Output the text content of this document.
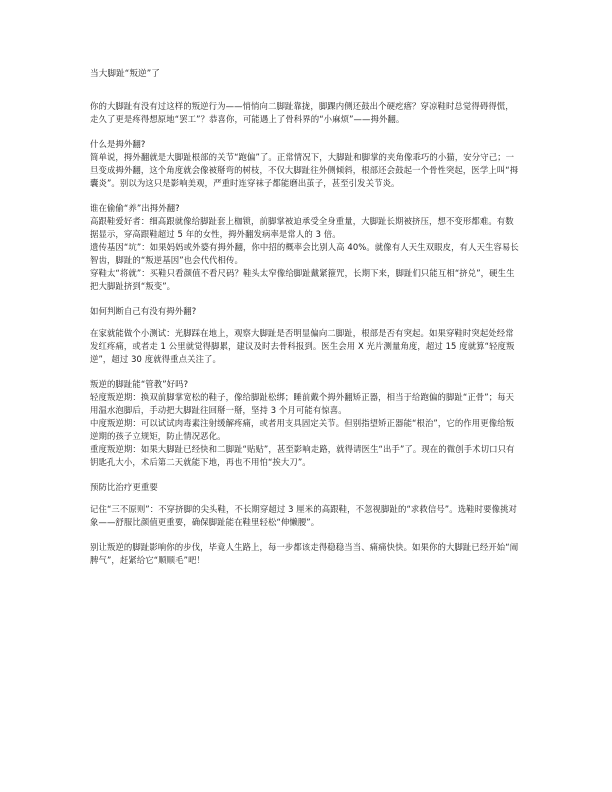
当大脚趾“叛逆”了

你的大脚趾有没有过这样的叛逆行为——悄悄向二脚趾靠拢，脚踝内侧还鼓出个硬疙瘩？穿凉鞋时总觉得碍得慌，走久了更是疼得想原地“罢工”？恭喜你，可能遇上了骨科界的“小麻烦”——拇外翻。

什么是拇外翻?

简单说，拇外翻就是大脚趾根部的关节“跑偏”了。正常情况下，大脚趾和脚掌的夹角像乖巧的小猫，安分守己；一旦变成拇外翻，这个角度就会像被掰弯的树枝，不仅大脚趾往外侧倾斜，根部还会鼓起一个骨性突起，医学上叫“拇囊炎”。别以为这只是影响美观，严重时连穿袜子都能磨出茧子，甚至引发关节炎。

谁在偷偷“养”出拇外翻?

高跟鞋爱好者：细高跟就像给脚趾套上枷锁，前脚掌被迫承受全身重量，大脚趾长期被挤压，想不变形都难。有数据显示，穿高跟鞋超过 5 年的女性，拇外翻发病率是常人的 3 倍。

遗传基因“坑”：如果妈妈或外婆有拇外翻，你中招的概率会比别人高 40%。就像有人天生双眼皮，有人天生容易长智齿，脚趾的“叛逆基因”也会代代相传。

穿鞋太“将就”：买鞋只看颜值不看尺码？鞋头太窄像给脚趾戴紧箍咒，长期下来，脚趾们只能互相“挤兑”，硬生生把大脚趾挤到“叛变”。

如何判断自己有没有拇外翻?

在家就能做个小测试：光脚踩在地上，观察大脚趾是否明显偏向二脚趾，根部是否有突起。如果穿鞋时突起处经常发红疼痛，或者走 1 公里就觉得脚累，建议及时去骨科报到。医生会用 X 光片测量角度，超过 15 度就算“轻度叛逆”，超过 30 度就得重点关注了。

叛逆的脚趾能“管教”好吗?

轻度叛逆期：换双前脚掌宽松的鞋子，像给脚趾松绑；睡前戴个拇外翻矫正器，相当于给跑偏的脚趾“正骨”；每天用温水泡脚后，手动把大脚趾往回掰一掰，坚持 3 个月可能有惊喜。

中度叛逆期：可以试试肉毒素注射缓解疼痛，或者用支具固定关节。但别指望矫正器能“根治”，它的作用更像给叛逆期的孩子立规矩，防止情况恶化。

重度叛逆期：如果大脚趾已经快和二脚趾“贴贴”，甚至影响走路，就得请医生“出手”了。现在的微创手术切口只有钥匙孔大小，术后第二天就能下地，再也不用怕“挨大刀”。

预防比治疗更重要

记住“三不原则”：不穿挤脚的尖头鞋，不长期穿超过 3 厘米的高跟鞋，不忽视脚趾的“求救信号”。选鞋时要像挑对象——舒服比颜值更重要，确保脚趾能在鞋里轻松“伸懒腰”。

别让叛逆的脚趾影响你的步伐，毕竟人生路上，每一步都该走得稳稳当当、痛痛快快。如果你的大脚趾已经开始“闹脾气”，赶紧给它“顺顺毛”吧！
